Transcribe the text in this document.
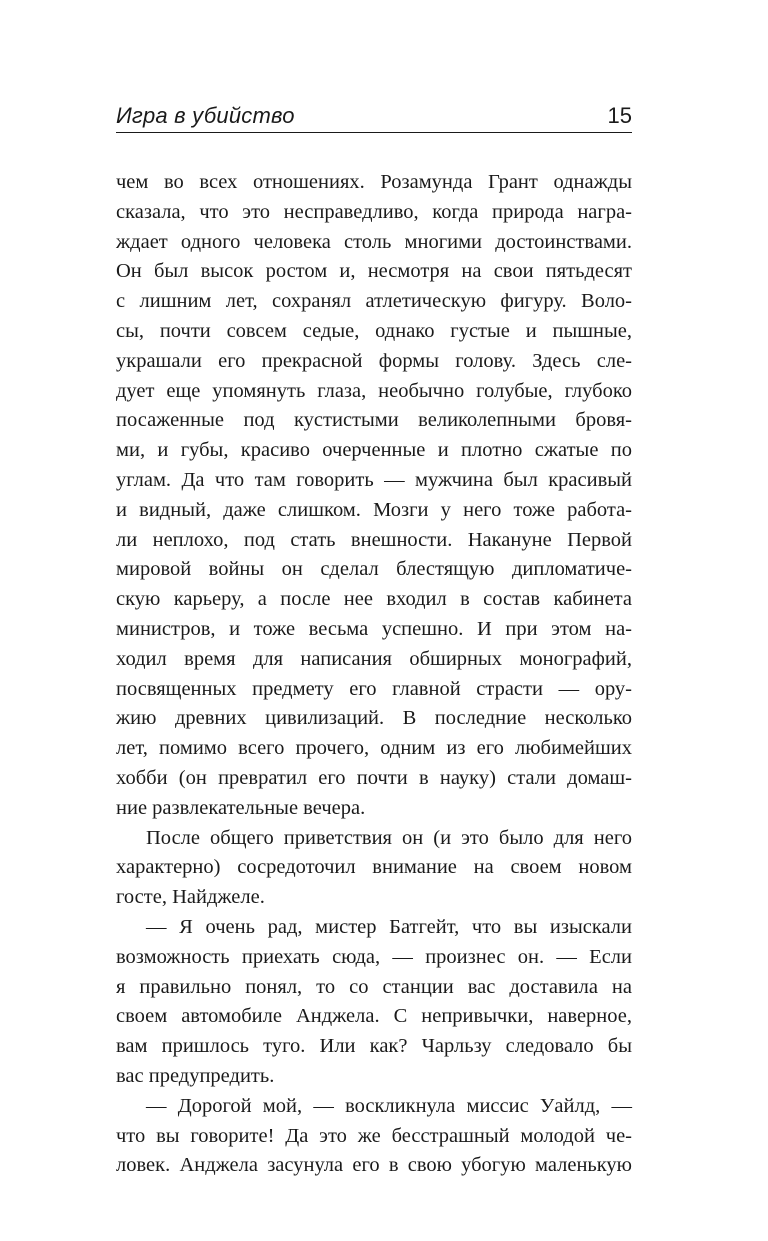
Игра в убийство	15
чем во всех отношениях. Розамунда Грант однажды
сказала, что это несправедливо, когда природа награ-
ждает одного человека столь многими достоинствами.
Он был высок ростом и, несмотря на свои пятьдесят
с лишним лет, сохранял атлетическую фигуру. Воло-
сы, почти совсем седые, однако густые и пышные,
украшали его прекрасной формы голову. Здесь сле-
дует еще упомянуть глаза, необычно голубые, глубоко
посаженные под кустистыми великолепными бровя-
ми, и губы, красиво очерченные и плотно сжатые по
углам. Да что там говорить — мужчина был красивый
и видный, даже слишком. Мозги у него тоже работа-
ли неплохо, под стать внешности. Накануне Первой
мировой войны он сделал блестящую дипломатиче-
скую карьеру, а после нее входил в состав кабинета
министров, и тоже весьма успешно. И при этом на-
ходил время для написания обширных монографий,
посвященных предмету его главной страсти — ору-
жию древних цивилизаций. В последние несколько
лет, помимо всего прочего, одним из его любимейших
хобби (он превратил его почти в науку) стали домаш-
ние развлекательные вечера.
После общего приветствия он (и это было для него
характерно) сосредоточил внимание на своем новом
госте, Найджеле.
— Я очень рад, мистер Батгейт, что вы изыскали
возможность приехать сюда, — произнес он. — Если
я правильно понял, то со станции вас доставила на
своем автомобиле Анджела. С непривычки, наверное,
вам пришлось туго. Или как? Чарльзу следовало бы
вас предупредить.
— Дорогой мой, — воскликнула миссис Уайлд, —
что вы говорите! Да это же бесстрашный молодой че-
ловек. Анджела засунула его в свою убогую маленькую
